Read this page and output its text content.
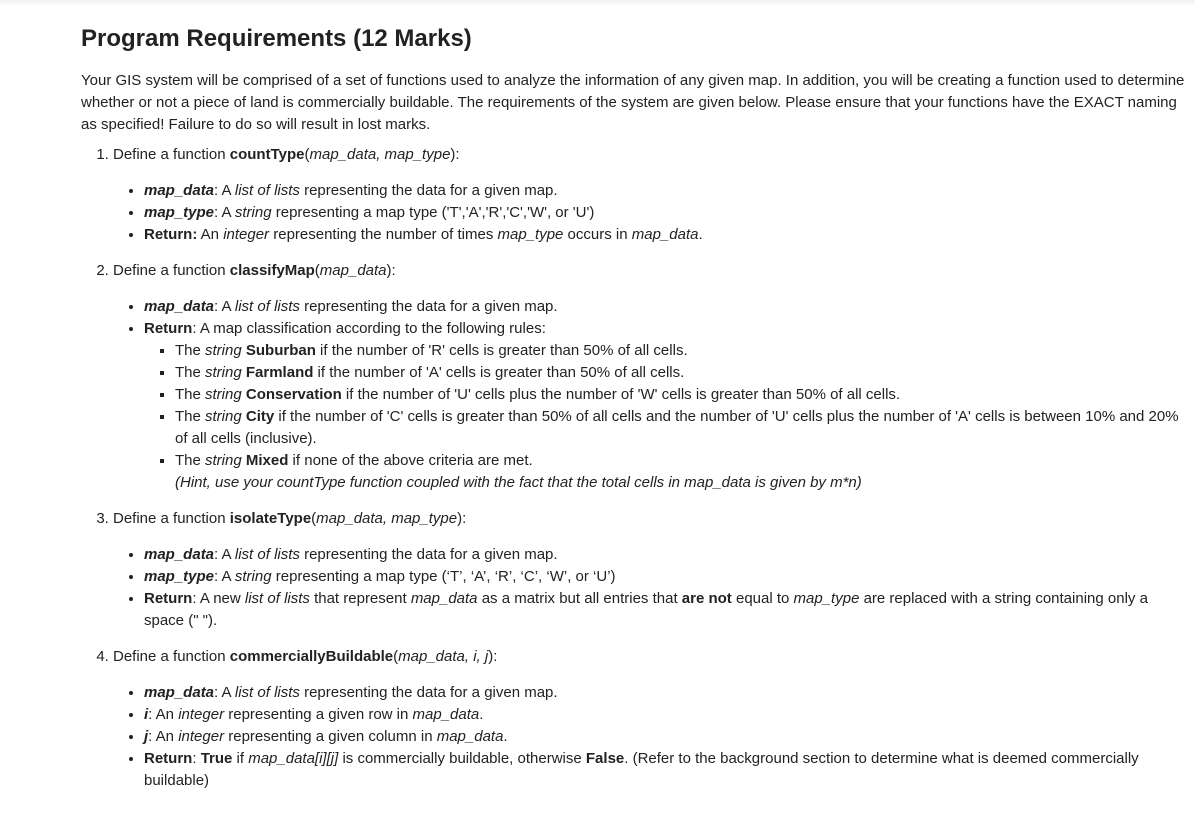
Program Requirements (12 Marks)

Your GIS system will be comprised of a set of functions used to analyze the information of any given map. In addition, you will be creating a function used to determine whether or not a piece of land is commercially buildable. The requirements of the system are given below. Please ensure that your functions have the EXACT naming as specified! Failure to do so will result in lost marks.

1. Define a function countType(map_data, map_type):
• map_data: A list of lists representing the data for a given map.
• map_type: A string representing a map type ('T','A','R','C','W', or 'U')
• Return: An integer representing the number of times map_type occurs in map_data.
2. Define a function classifyMap(map_data):
• map_data: A list of lists representing the data for a given map.
• Return: A map classification according to the following rules:
▪ The string Suburban if the number of 'R' cells is greater than 50% of all cells.
▪ The string Farmland if the number of 'A' cells is greater than 50% of all cells.
▪ The string Conservation if the number of 'U' cells plus the number of 'W' cells is greater than 50% of all cells.
▪ The string City if the number of 'C' cells is greater than 50% of all cells and the number of 'U' cells plus the number of 'A' cells is between 10% and 20% of all cells (inclusive).
▪ The string Mixed if none of the above criteria are met.
(Hint, use your countType function coupled with the fact that the total cells in map_data is given by m*n)
3. Define a function isolateType(map_data, map_type):
• map_data: A list of lists representing the data for a given map.
• map_type: A string representing a map type (‘T’, ‘A’, ‘R’, ‘C’, ‘W’, or ‘U’)
• Return: A new list of lists that represent map_data as a matrix but all entries that are not equal to map_type are replaced with a string containing only a space (" ").
4. Define a function commerciallyBuildable(map_data, i, j):
• map_data: A list of lists representing the data for a given map.
• i: An integer representing a given row in map_data.
• j: An integer representing a given column in map_data.
• Return: True if map_data[i][j] is commercially buildable, otherwise False. (Refer to the background section to determine what is deemed commercially buildable)
